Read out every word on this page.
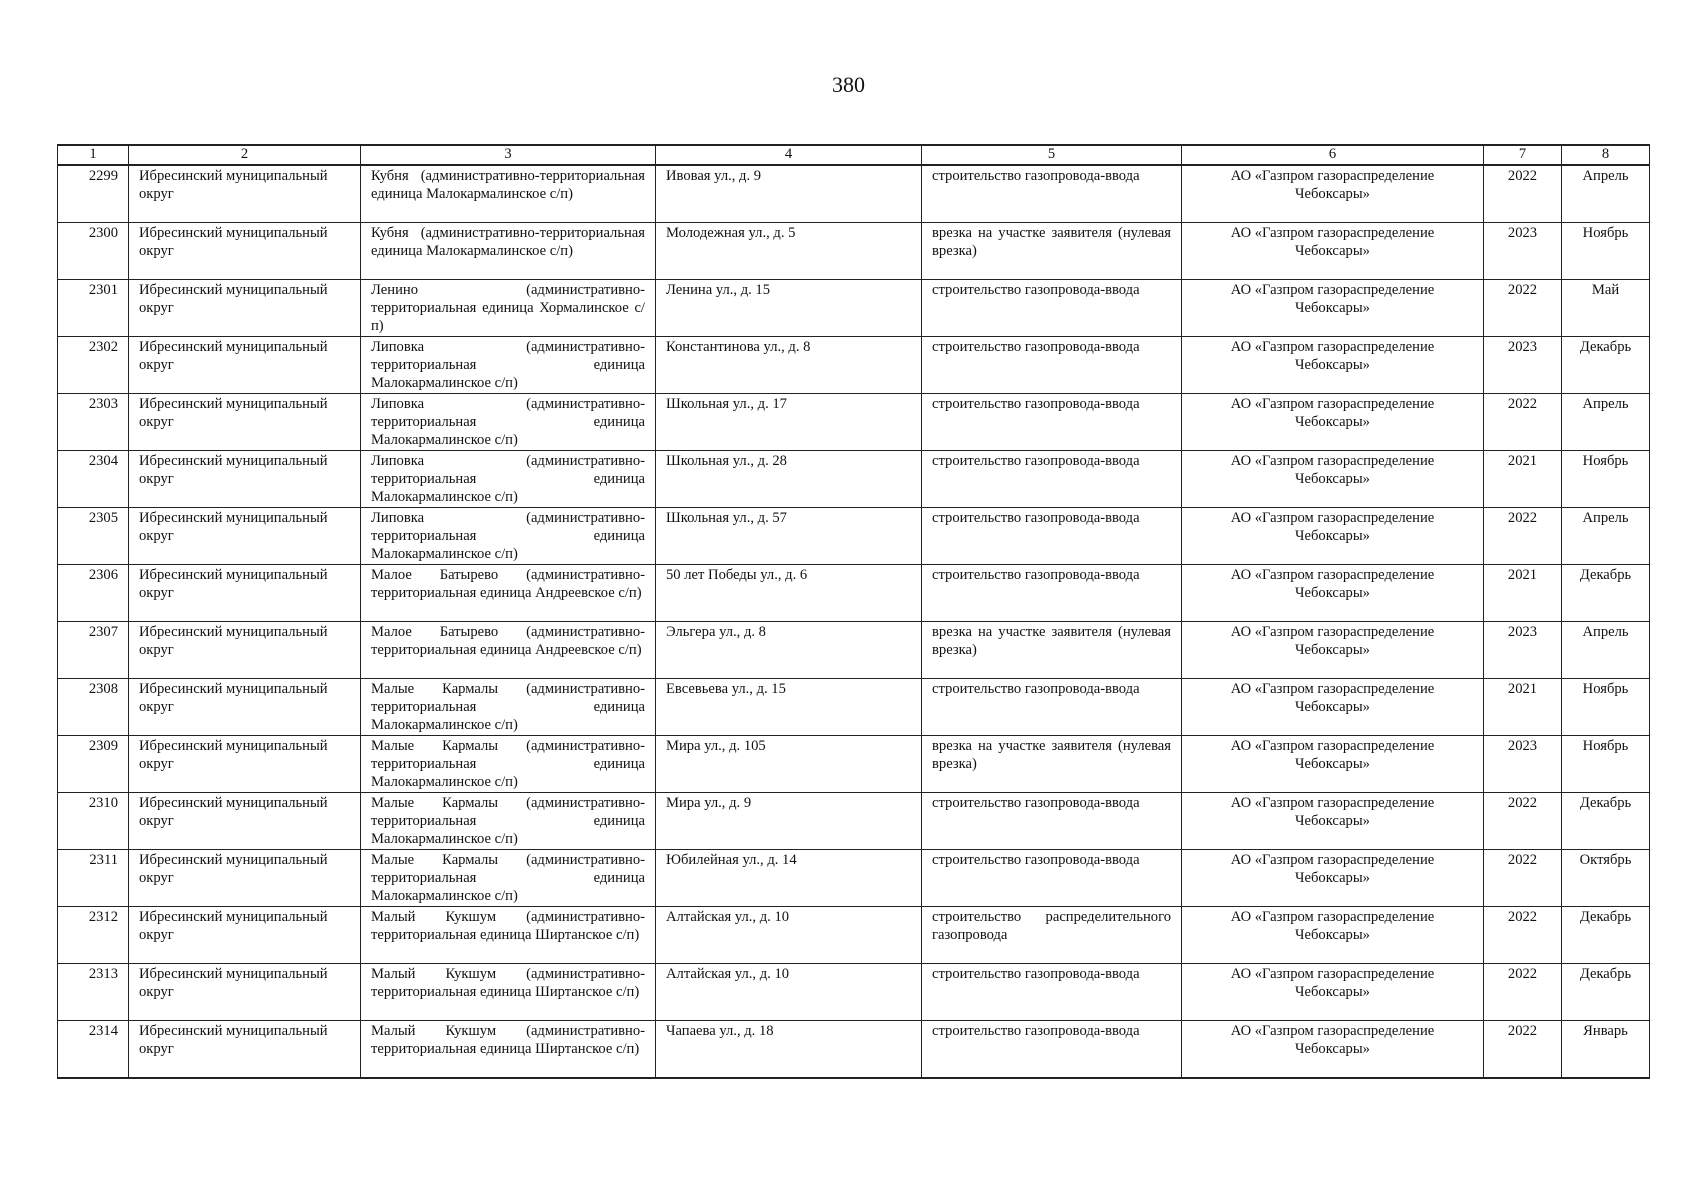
380
1	2	3	4	5	6	7	8
2299	Ибресинский муниципальный округ	Кубня (административно-территориальная единица Малокармалинское с/п)	Ивовая ул., д. 9	строительство газопровода-ввода	АО «Газпром газораспределение Чебоксары»	2022	Апрель
2300	Ибресинский муниципальный округ	Кубня (административно-территориальная единица Малокармалинское с/п)	Молодежная ул., д. 5	врезка на участке заявителя (нулевая врезка)	АО «Газпром газораспределение Чебоксары»	2023	Ноябрь
2301	Ибресинский муниципальный округ	Ленино (административно-территориальная единица Хормалинское с/п)	Ленина ул., д. 15	строительство газопровода-ввода	АО «Газпром газораспределение Чебоксары»	2022	Май
2302	Ибресинский муниципальный округ	Липовка (административно-территориальная единица Малокармалинское с/п)	Константинова ул., д. 8	строительство газопровода-ввода	АО «Газпром газораспределение Чебоксары»	2023	Декабрь
2303	Ибресинский муниципальный округ	Липовка (административно-территориальная единица Малокармалинское с/п)	Школьная ул., д. 17	строительство газопровода-ввода	АО «Газпром газораспределение Чебоксары»	2022	Апрель
2304	Ибресинский муниципальный округ	Липовка (административно-территориальная единица Малокармалинское с/п)	Школьная ул., д. 28	строительство газопровода-ввода	АО «Газпром газораспределение Чебоксары»	2021	Ноябрь
2305	Ибресинский муниципальный округ	Липовка (административно-территориальная единица Малокармалинское с/п)	Школьная ул., д. 57	строительство газопровода-ввода	АО «Газпром газораспределение Чебоксары»	2022	Апрель
2306	Ибресинский муниципальный округ	Малое Батырево (административно-территориальная единица Андреевское с/п)	50 лет Победы ул., д. 6	строительство газопровода-ввода	АО «Газпром газораспределение Чебоксары»	2021	Декабрь
2307	Ибресинский муниципальный округ	Малое Батырево (административно-территориальная единица Андреевское с/п)	Эльгера ул., д. 8	врезка на участке заявителя (нулевая врезка)	АО «Газпром газораспределение Чебоксары»	2023	Апрель
2308	Ибресинский муниципальный округ	Малые Кармалы (административно-территориальная единица Малокармалинское с/п)	Евсевьева ул., д. 15	строительство газопровода-ввода	АО «Газпром газораспределение Чебоксары»	2021	Ноябрь
2309	Ибресинский муниципальный округ	Малые Кармалы (административно-территориальная единица Малокармалинское с/п)	Мира ул., д. 105	врезка на участке заявителя (нулевая врезка)	АО «Газпром газораспределение Чебоксары»	2023	Ноябрь
2310	Ибресинский муниципальный округ	Малые Кармалы (административно-территориальная единица Малокармалинское с/п)	Мира ул., д. 9	строительство газопровода-ввода	АО «Газпром газораспределение Чебоксары»	2022	Декабрь
2311	Ибресинский муниципальный округ	Малые Кармалы (административно-территориальная единица Малокармалинское с/п)	Юбилейная ул., д. 14	строительство газопровода-ввода	АО «Газпром газораспределение Чебоксары»	2022	Октябрь
2312	Ибресинский муниципальный округ	Малый Кукшум (административно-территориальная единица Ширтанское с/п)	Алтайская ул., д. 10	строительство распределительного газопровода	АО «Газпром газораспределение Чебоксары»	2022	Декабрь
2313	Ибресинский муниципальный округ	Малый Кукшум (административно-территориальная единица Ширтанское с/п)	Алтайская ул., д. 10	строительство газопровода-ввода	АО «Газпром газораспределение Чебоксары»	2022	Декабрь
2314	Ибресинский муниципальный округ	Малый Кукшум (административно-территориальная единица Ширтанское с/п)	Чапаева ул., д. 18	строительство газопровода-ввода	АО «Газпром газораспределение Чебоксары»	2022	Январь
